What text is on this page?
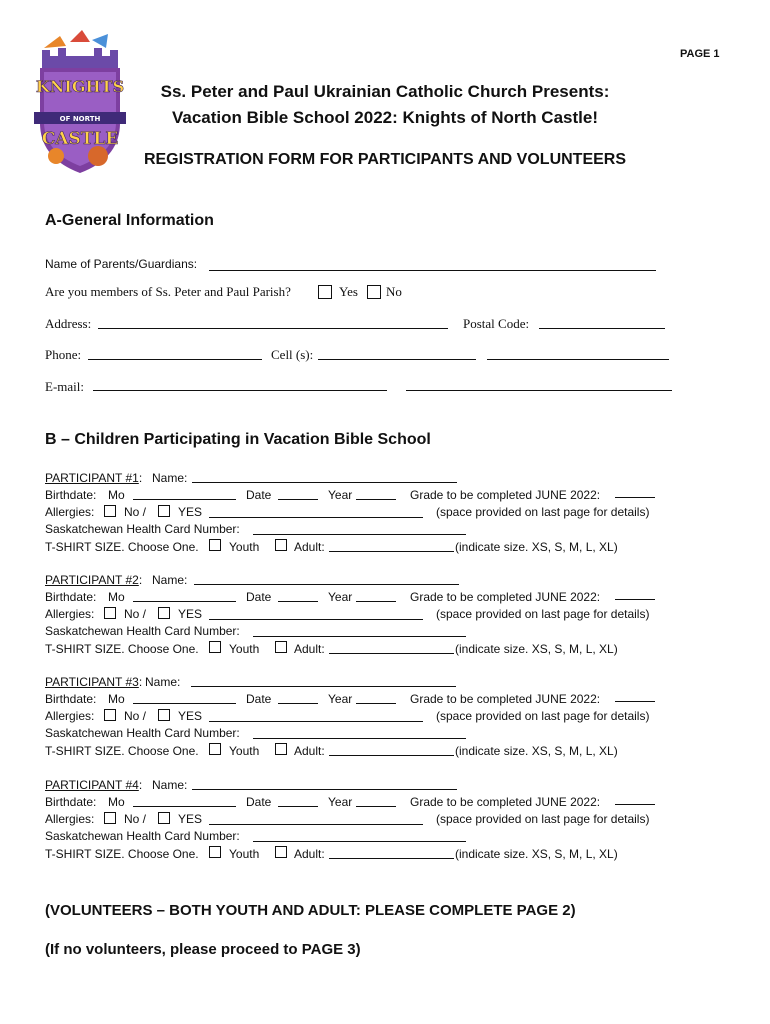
PAGE 1
KNIGHTS
OF NORTH
CASTLE
Ss. Peter and Paul Ukrainian Catholic Church Presents:
Vacation Bible School 2022: Knights of North Castle!
REGISTRATION FORM FOR PARTICIPANTS AND VOLUNTEERS
A-General Information
Name of Parents/Guardians:
Are you members of Ss. Peter and Paul Parish?	Yes No
Address:	Postal Code:
Phone:	Cell (s):
E-mail:
B – Children Participating in Vacation Bible School
PARTICIPANT #1: Name:
Birthdate: Mo	Date	Year	Grade to be completed JUNE 2022:
Allergies: No /	YES	(space provided on last page for details)
Saskatchewan Health Card Number:
T-SHIRT SIZE. Choose One.	Youth	Adult:	(indicate size. XS, S, M, L, XL)
PARTICIPANT #2: Name:
Birthdate: Mo	Date	Year	Grade to be completed JUNE 2022:
Allergies: No /	YES	(space provided on last page for details)
Saskatchewan Health Card Number:
T-SHIRT SIZE. Choose One.	Youth	Adult:	(indicate size. XS, S, M, L, XL)
PARTICIPANT #3: Name:
Birthdate: Mo	Date	Year	Grade to be completed JUNE 2022:
Allergies: No /	YES	(space provided on last page for details)
Saskatchewan Health Card Number:
T-SHIRT SIZE. Choose One.	Youth	Adult:	(indicate size. XS, S, M, L, XL)
PARTICIPANT #4: Name:
Birthdate: Mo	Date	Year	Grade to be completed JUNE 2022:
Allergies: No /	YES	(space provided on last page for details)
Saskatchewan Health Card Number:
T-SHIRT SIZE. Choose One.	Youth	Adult:	(indicate size. XS, S, M, L, XL)
(VOLUNTEERS – BOTH YOUTH AND ADULT: PLEASE COMPLETE PAGE 2)
(If no volunteers, please proceed to PAGE 3)
